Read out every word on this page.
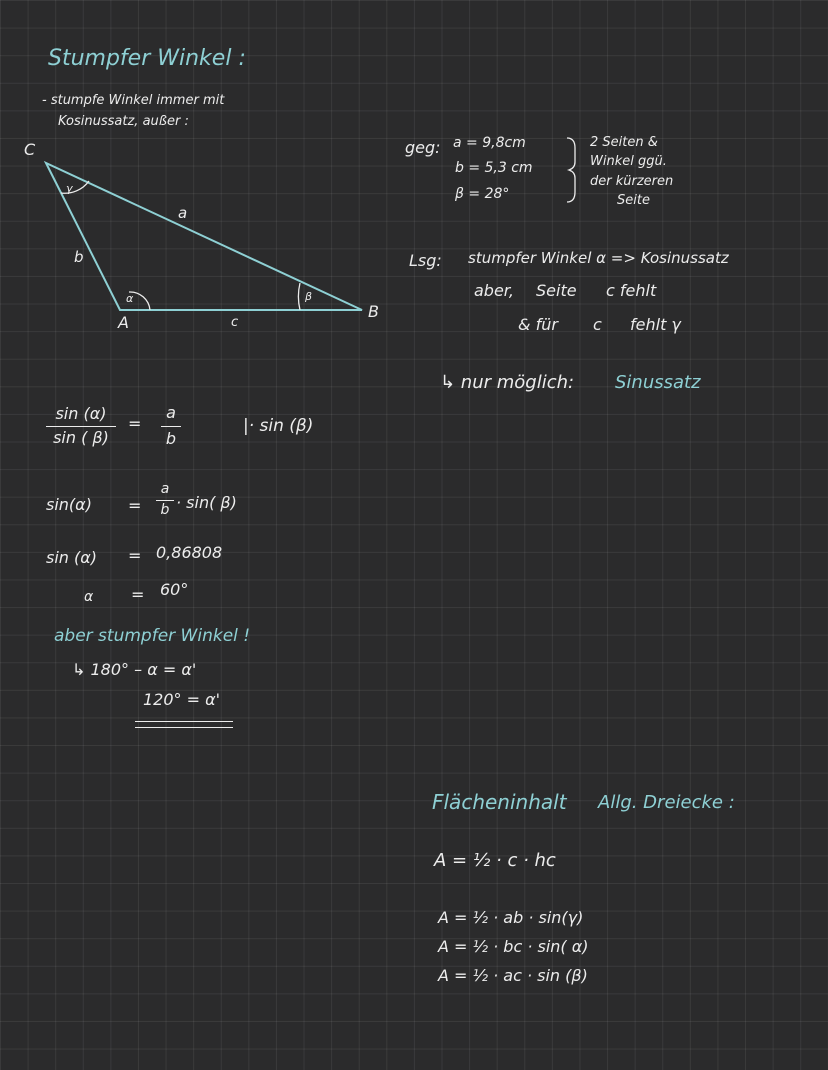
Stumpfer Winkel :
- stumpfe Winkel immer mit
Kosinussatz, außer :
C
A
B
a
b
c
α	β
γ
geg: a = 9,8cm
b = 5,3 cm
β = 28°
2 Seiten &
Winkel ggü.
der kürzeren
Seite
Lsg: stumpfer Winkel α => Kosinussatz
aber, Seite c fehlt
& für c fehlt γ
↳ nur möglich: Sinussatz
sin (α)
sin ( β)
=
a
b
|· sin (β)
sin(α) =
a
b · sin( β)
sin (α) = 0,86808
α = 60°
aber stumpfer Winkel !
↳ 180° – α = α'
120° = α'
Flächeninhalt Allg. Dreiecke :
A = ½ · c · hc
A = ½ · ab · sin(γ)
A = ½ · bc · sin( α)
A = ½ · ac · sin (β)
